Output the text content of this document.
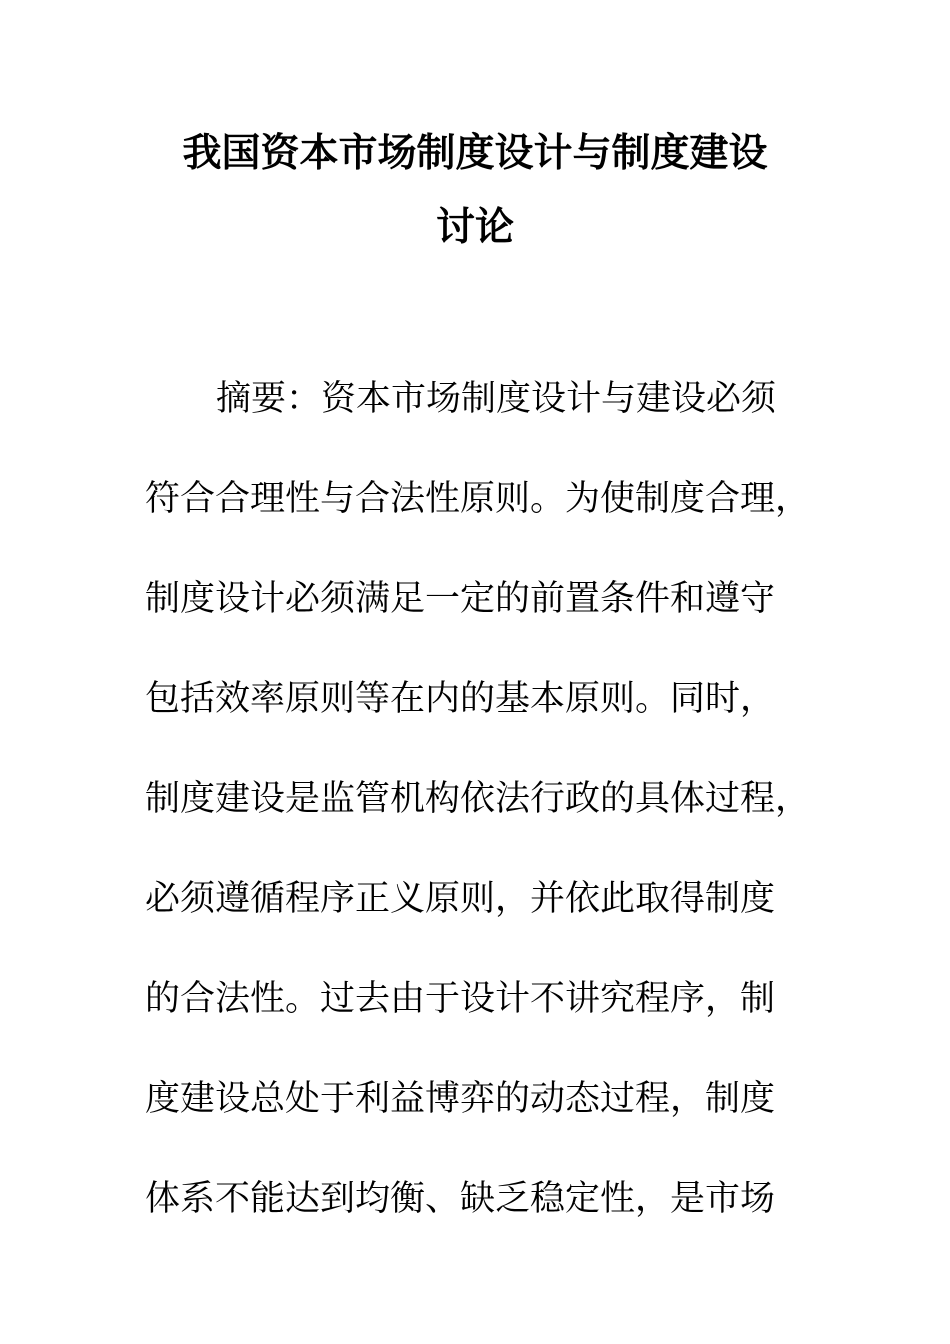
我国资本市场制度设计与制度建设
讨论
摘要：资本市场制度设计与建设必须
符合合理性与合法性原则。为使制度合理，
制度设计必须满足一定的前置条件和遵守
包括效率原则等在内的基本原则。同时，
制度建设是监管机构依法行政的具体过程，
必须遵循程序正义原则，并依此取得制度
的合法性。过去由于设计不讲究程序，制
度建设总处于利益博弈的动态过程，制度
体系不能达到均衡、缺乏稳定性，是市场
